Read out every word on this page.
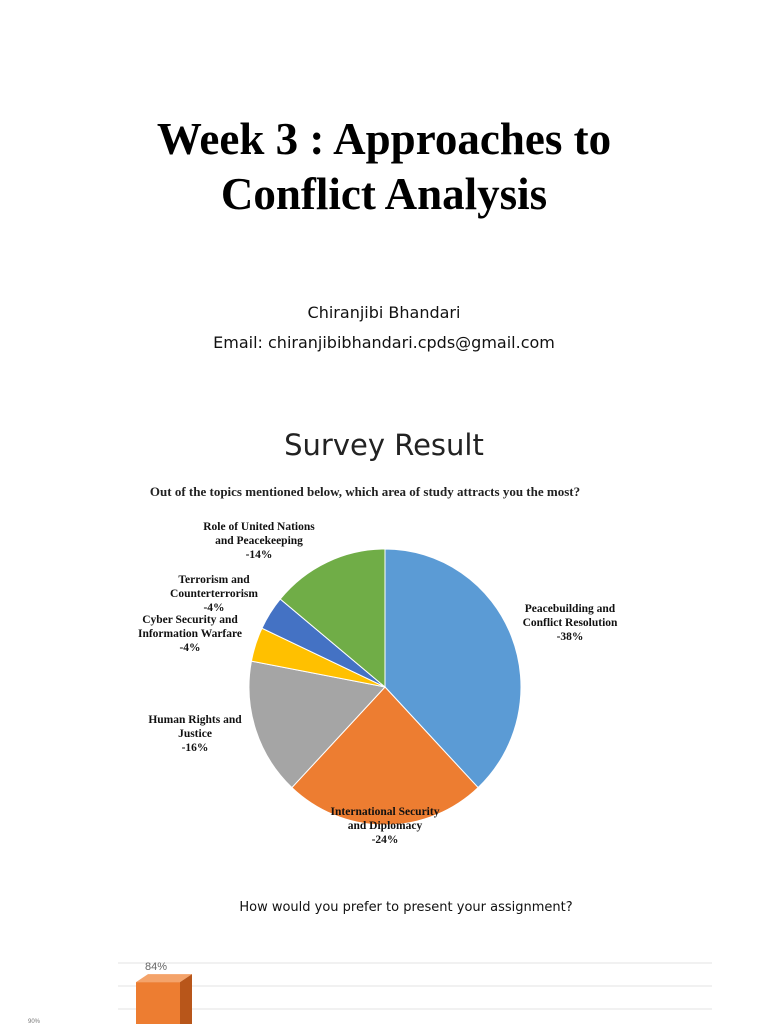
Week 3 : Approaches to
Conflict Analysis
Chiranjibi Bhandari
Email: chiranjibibhandari.cpds@gmail.com
Survey Result
Out of the topics mentioned below, which area of study attracts you the most?
Peacebuilding and
Conflict Resolution
-38%
International Security
and Diplomacy
-24%
Human Rights and
Justice
-16%
Cyber Security and
Information Warfare
-4%
Terrorism and
Counterterrorism
-4%
Role of United Nations
and Peacekeeping
-14%
How would you prefer to present your assignment?
90%
84%
